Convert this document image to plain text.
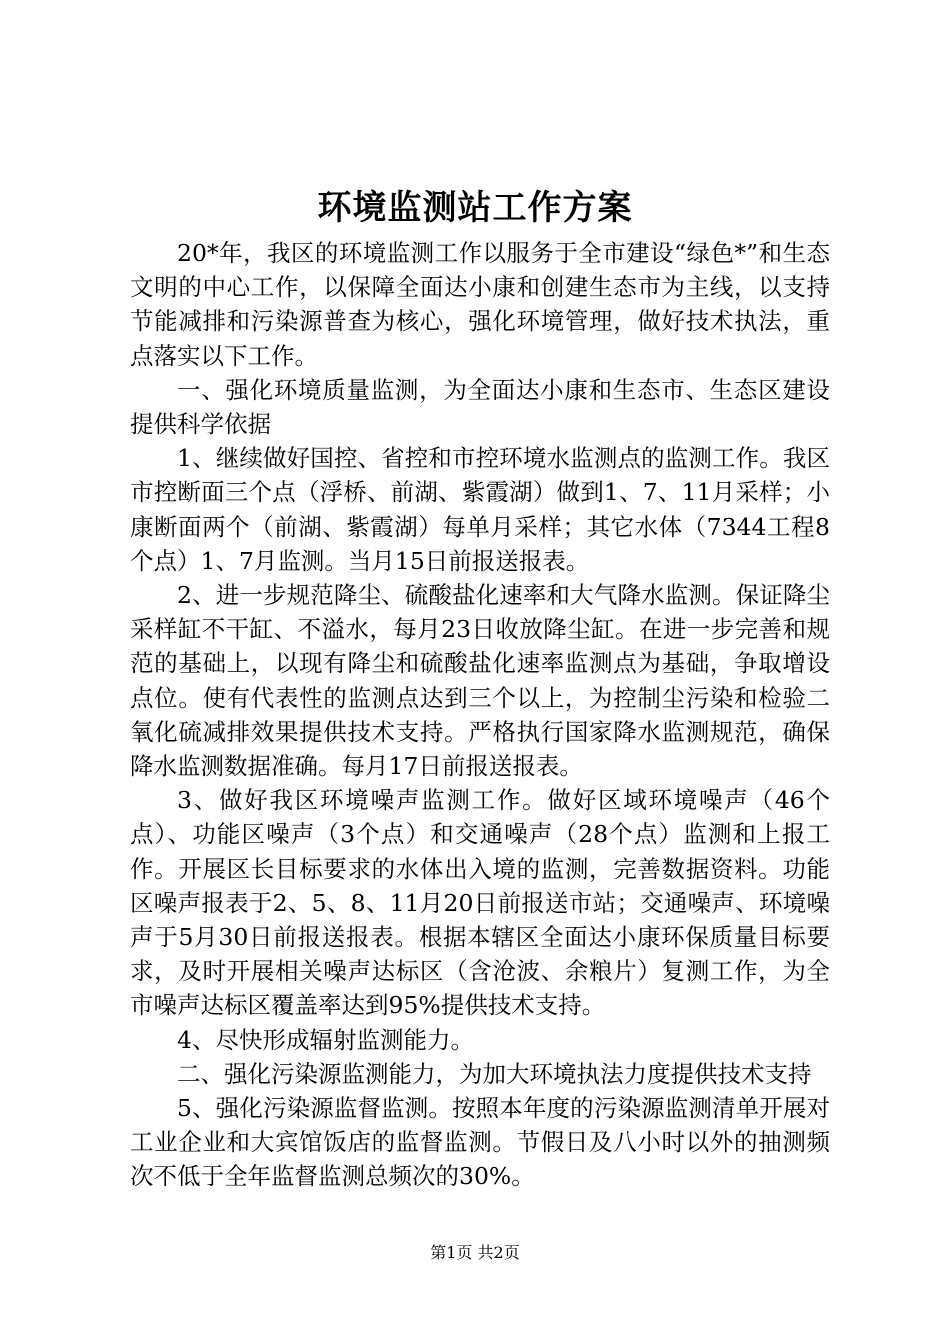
环境监测站工作方案

20*年，我区的环境监测工作以服务于全市建设“绿色*”和生态文明的中心工作，以保障全面达小康和创建生态市为主线，以支持节能减排和污染源普查为核心，强化环境管理，做好技术执法，重点落实以下工作。

一、强化环境质量监测，为全面达小康和生态市、生态区建设提供科学依据

1、继续做好国控、省控和市控环境水监测点的监测工作。我区市控断面三个点（浮桥、前湖、紫霞湖）做到1、7、11月采样；小康断面两个（前湖、紫霞湖）每单月采样；其它水体（7344工程8个点）1、7月监测。当月15日前报送报表。

2、进一步规范降尘、硫酸盐化速率和大气降水监测。保证降尘采样缸不干缸、不溢水，每月23日收放降尘缸。在进一步完善和规范的基础上，以现有降尘和硫酸盐化速率监测点为基础，争取增设点位。使有代表性的监测点达到三个以上，为控制尘污染和检验二氧化硫减排效果提供技术支持。严格执行国家降水监测规范，确保降水监测数据准确。每月17日前报送报表。

3、做好我区环境噪声监测工作。做好区域环境噪声（46个点）、功能区噪声（3个点）和交通噪声（28个点）监测和上报工作。开展区长目标要求的水体出入境的监测，完善数据资料。功能区噪声报表于2、5、8、11月20日前报送市站；交通噪声、环境噪声于5月30日前报送报表。根据本辖区全面达小康环保质量目标要求，及时开展相关噪声达标区（含沧波、余粮片）复测工作，为全市噪声达标区覆盖率达到95%提供技术支持。

4、尽快形成辐射监测能力。

二、强化污染源监测能力，为加大环境执法力度提供技术支持

5、强化污染源监督监测。按照本年度的污染源监测清单开展对工业企业和大宾馆饭店的监督监测。节假日及八小时以外的抽测频次不低于全年监督监测总频次的30%。

第1页 共2页
